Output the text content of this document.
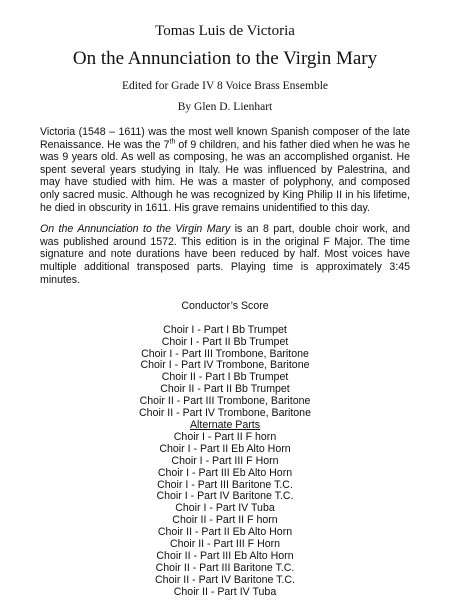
Tomas Luis de Victoria
On the Annunciation to the Virgin Mary
Edited for Grade IV 8 Voice Brass Ensemble
By Glen D. Lienhart

Victoria (1548 – 1611) was the most well known Spanish composer of the late Renaissance. He was the 7th of 9 children, and his father died when he was he was 9 years old. As well as composing, he was an accomplished organist. He spent several years studying in Italy. He was influenced by Palestrina, and may have studied with him. He was a master of polyphony, and composed only sacred music. Although he was recognized by King Philip II in his lifetime, he died in obscurity in 1611. His grave remains unidentified to this day.

On the Annunciation to the Virgin Mary is an 8 part, double choir work, and was published around 1572. This edition is in the original F Major. The time signature and note durations have been reduced by half. Most voices have multiple additional transposed parts. Playing time is approximately 3:45 minutes.

Conductor’s Score
Choir I - Part I Bb Trumpet
Choir I - Part II Bb Trumpet
Choir I - Part III Trombone, Baritone
Choir I - Part IV Trombone, Baritone
Choir II - Part I Bb Trumpet
Choir II - Part II Bb Trumpet
Choir II - Part III Trombone, Baritone
Choir II - Part IV Trombone, Baritone
Alternate Parts
Choir I - Part II F horn
Choir I - Part II Eb Alto Horn
Choir I - Part III F Horn
Choir I - Part III Eb Alto Horn
Choir I - Part III Baritone T.C.
Choir I - Part IV Baritone T.C.
Choir I - Part IV Tuba
Choir II - Part II F horn
Choir II - Part II Eb Alto Horn
Choir II - Part III F Horn
Choir II - Part III Eb Alto Horn
Choir II - Part III Baritone T.C.
Choir II - Part IV Baritone T.C.
Choir II - Part IV Tuba
